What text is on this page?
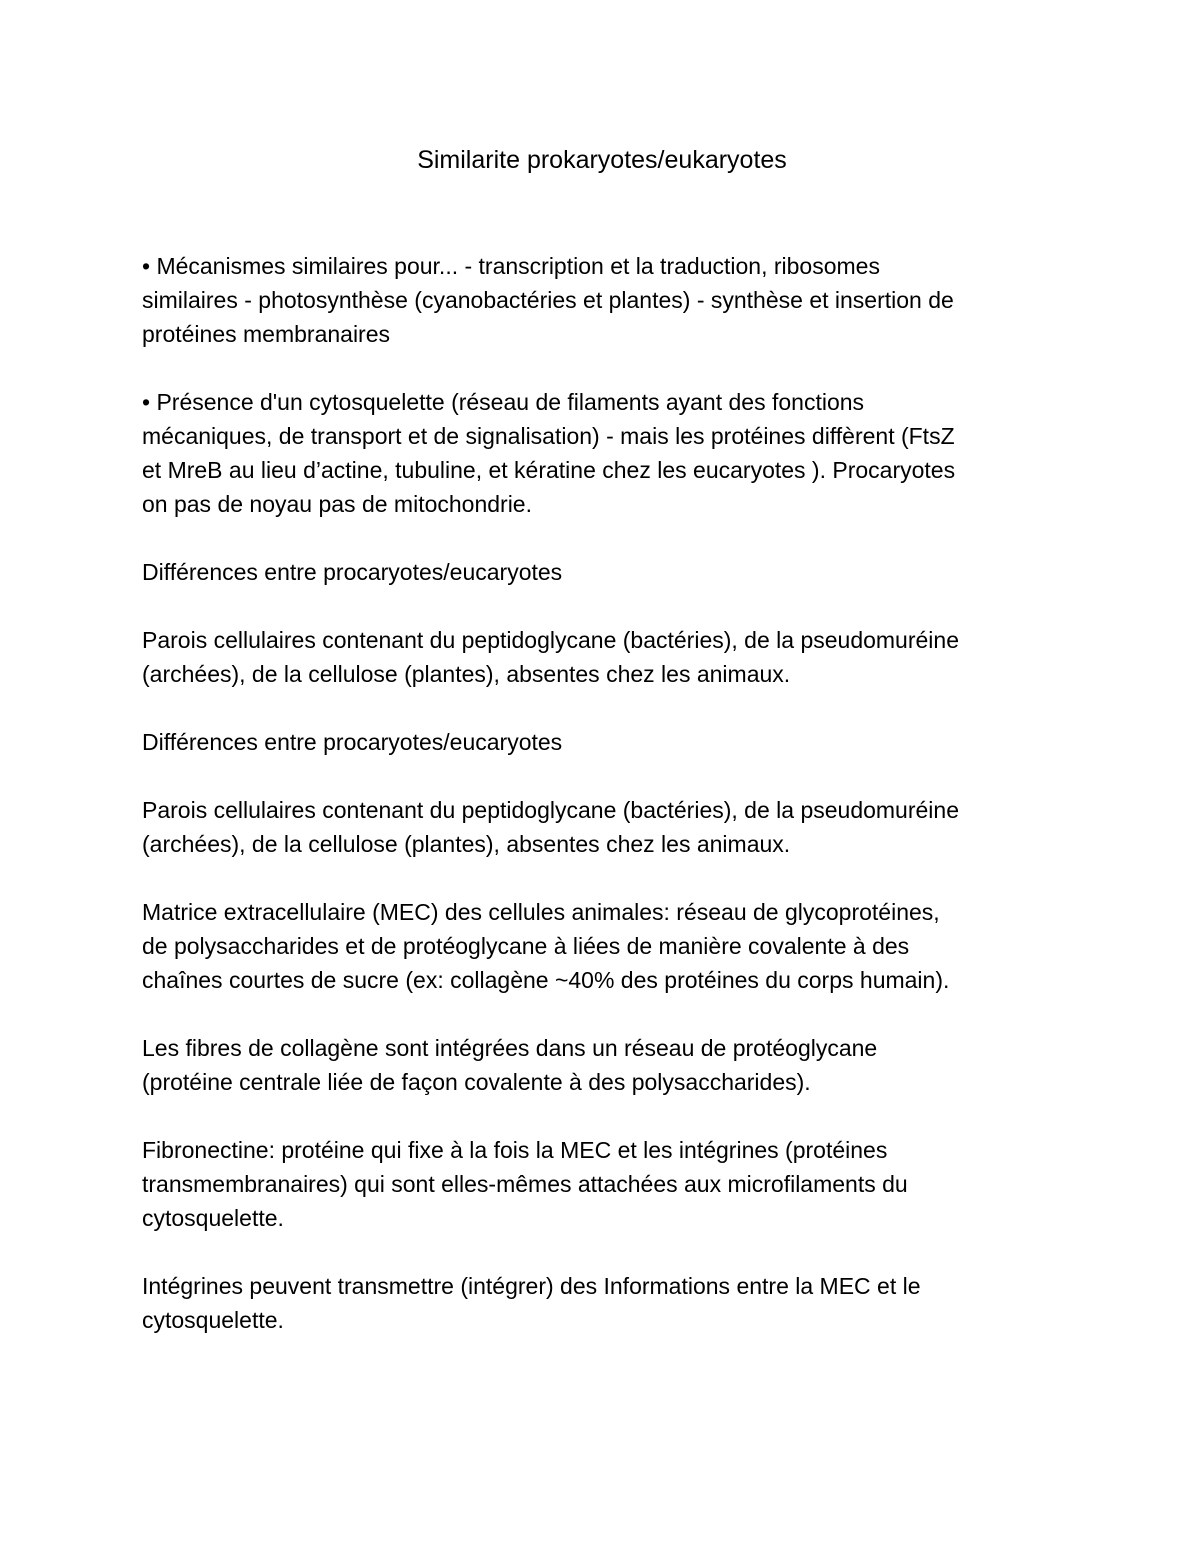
Similarite prokaryotes/eukaryotes
• Mécanismes similaires pour... - transcription et la traduction, ribosomes
similaires - photosynthèse (cyanobactéries et plantes) - synthèse et insertion de
protéines membranaires
• Présence d'un cytosquelette (réseau de filaments ayant des fonctions
mécaniques, de transport et de signalisation) - mais les protéines diffèrent (FtsZ
et MreB au lieu d’actine, tubuline, et kératine chez les eucaryotes ). Procaryotes
on pas de noyau pas de mitochondrie.
Différences entre procaryotes/eucaryotes
Parois cellulaires contenant du peptidoglycane (bactéries), de la pseudomuréine
(archées), de la cellulose (plantes), absentes chez les animaux.
Différences entre procaryotes/eucaryotes
Parois cellulaires contenant du peptidoglycane (bactéries), de la pseudomuréine
(archées), de la cellulose (plantes), absentes chez les animaux.
Matrice extracellulaire (MEC) des cellules animales: réseau de glycoprotéines,
de polysaccharides et de protéoglycane à liées de manière covalente à des
chaînes courtes de sucre (ex: collagène ~40% des protéines du corps humain).
Les fibres de collagène sont intégrées dans un réseau de protéoglycane
(protéine centrale liée de façon covalente à des polysaccharides).
Fibronectine: protéine qui fixe à la fois la MEC et les intégrines (protéines
transmembranaires) qui sont elles-mêmes attachées aux microfilaments du
cytosquelette.
Intégrines peuvent transmettre (intégrer) des Informations entre la MEC et le
cytosquelette.
